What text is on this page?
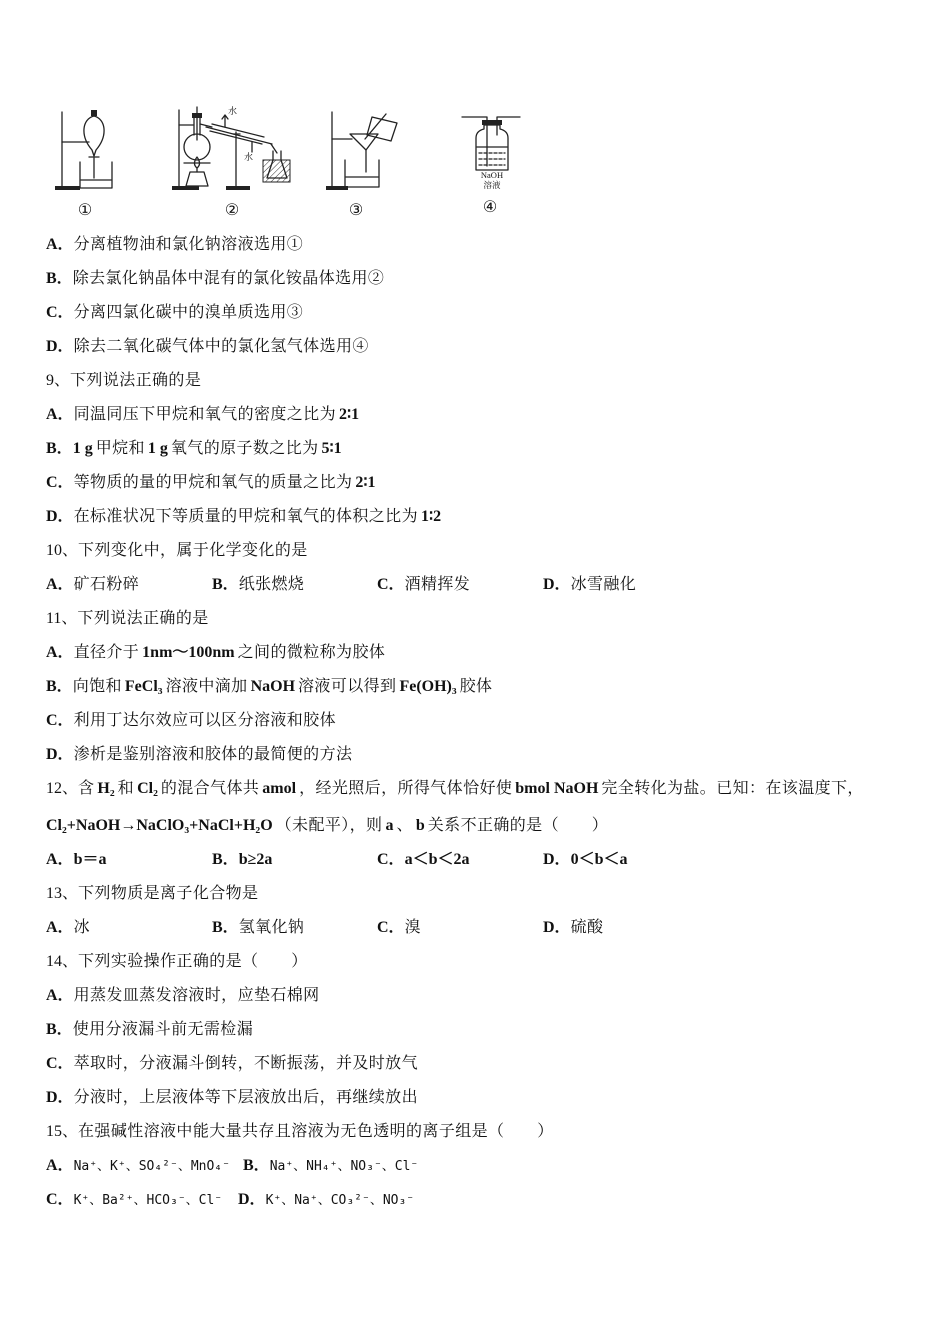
水
水
NaOH
溶液
①	②	③	④
A．分离植物油和氯化钠溶液选用①
B．除去氯化钠晶体中混有的氯化铵晶体选用②
C．分离四氯化碳中的溴单质选用③
D．除去二氧化碳气体中的氯化氢气体选用④
9、下列说法正确的是
A．同温同压下甲烷和氧气的密度之比为 2∶1
B．1 g 甲烷和 1 g 氧气的原子数之比为 5∶1
C．等物质的量的甲烷和氧气的质量之比为 2∶1
D．在标准状况下等质量的甲烷和氧气的体积之比为 1∶2
10、下列变化中，属于化学变化的是
A．矿石粉碎	B．纸张燃烧	C．酒精挥发	D．冰雪融化
11、下列说法正确的是
A．直径介于 1nm～100nm 之间的微粒称为胶体
B．向饱和 FeCl₃ 溶液中滴加 NaOH 溶液可以得到 Fe(OH)₃ 胶体
C．利用丁达尔效应可以区分溶液和胶体
D．渗析是鉴别溶液和胶体的最简便的方法
12、含 H₂ 和 Cl₂ 的混合气体共 amol ，经光照后，所得气体恰好使 bmol NaOH 完全转化为盐。已知：在该温度下，
Cl₂+NaOH→NaClO₃+NaCl+H₂O （未配平），则 a 、 b 关系不正确的是（　　）
A．b＝a	B．b≥2a	C．a＜b＜2a	D．0＜b＜a
13、下列物质是离子化合物是
A．冰	B．氢氧化钠	C．溴	D．硫酸
14、下列实验操作正确的是（　　）
A．用蒸发皿蒸发溶液时，应垫石棉网
B．使用分液漏斗前无需检漏
C．萃取时，分液漏斗倒转，不断振荡，并及时放气
D．分液时，上层液体等下层液放出后，再继续放出
15、在强碱性溶液中能大量共存且溶液为无色透明的离子组是（　　）
A．Na⁺、K⁺、SO₄²⁻、MnO₄⁻ B．Na⁺、NH₄⁺、NO₃⁻、Cl⁻
C．K⁺、Ba²⁺、HCO₃⁻、Cl⁻ D．K⁺、Na⁺、CO₃²⁻、NO₃⁻
